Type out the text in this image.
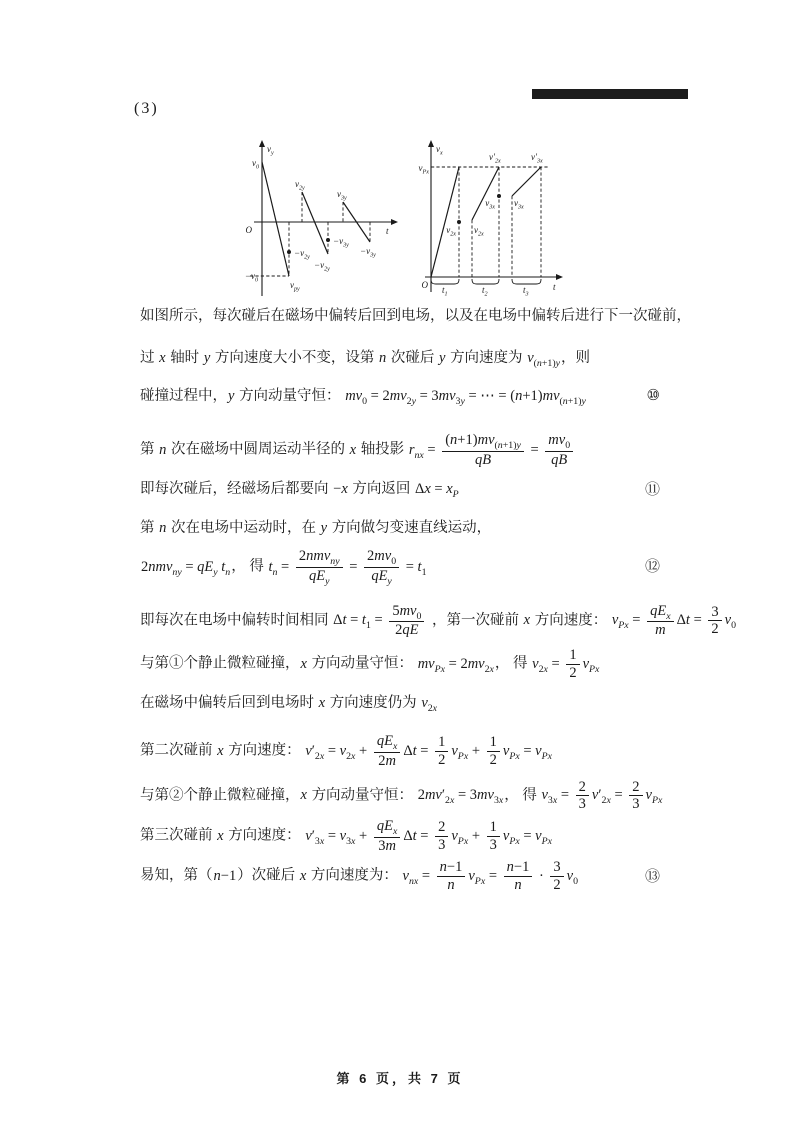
(3)
$v_y$
O	t
$v_0$
$-v_0$	$v_{py}$
$-v_{2y}$
$v_{2y}$
$-v_{2y}$
$-v_{3y}$
$v_{3y}$
$-v_{3y}$
$v_x$
O	t
$v_{Px}$
$v_{2x}$ $v_{2x}$
$v'_{2x}$
$v_{3x}$ $v_{3x}$
$v'_{3x}$
$t_1$	$t_2$	$t_3$
如图所示，每次碰后在磁场中偏转后回到电场，以及在电场中偏转后进行下一次碰前，
过 x 轴时 y 方向速度大小不变，设第 n 次碰后 y 方向速度为 $v_{(n+1)y}$，则
碰撞过程中，y 方向动量守恒： $mv_0 = 2mv_{2y} = 3mv_{3y}$ = ⋯ = $(n+1)mv_{(n+1)y}$	⑩
第 n 次在磁场中圆周运动半径的 x 轴投影 $r_{nx} = \frac{(n+1)mv_{(n+1)y}}{qB} = \frac{mv_0}{qB}$
即每次碰后，经磁场后都要向 −x 方向返回 $\Delta x = x_P$	⑪
第 n 次在电场中运动时，在 y 方向做匀变速直线运动，
$2nmv_{ny} = qE_y$ $t_n$， 得 $t_n = \frac{2nmv_{ny}}{qE_y} = \frac{2mv_0}{qE_y} = t_1$	⑫
即每次在电场中偏转时间相同 $\Delta t = t_1 = \frac{5mv_0}{2qE}$ ，第一次碰前 x 方向速度： $v_{Px} = \frac{qE_x}{m}$ $\Delta t = \frac{3}{2} v_0$
与第①个静止微粒碰撞，x 方向动量守恒： $mv_{Px} = 2mv_{2x}$， 得 $v_{2x} = \frac{1}{2} v_{Px}$
在磁场中偏转后回到电场时 x 方向速度仍为 $v_{2x}$
第二次碰前 x 方向速度： $v'_{2x} = v_{2x} + \frac{qE_x}{2m}$ $\Delta t = \frac{1}{2} v_{Px} + \frac{1}{2} v_{Px} = v_{Px}$
与第②个静止微粒碰撞，x 方向动量守恒： $2mv'_{2x} = 3mv_{3x}$， 得 $v_{3x} = \frac{2}{3} v'_{2x} = \frac{2}{3} v_{Px}$
第三次碰前 x 方向速度： $v'_{3x} = v_{3x} + \frac{qE_x}{3m}$ $\Delta t = \frac{2}{3} v_{Px} + \frac{1}{3} v_{Px} = v_{Px}$
易知，第（n−1）次碰后 x 方向速度为： $v_{nx} = \frac{n-1}{n} v_{Px} = \frac{n-1}{n} \cdot \frac{3}{2} v_0$	⑬
第 6 页，共 7 页
